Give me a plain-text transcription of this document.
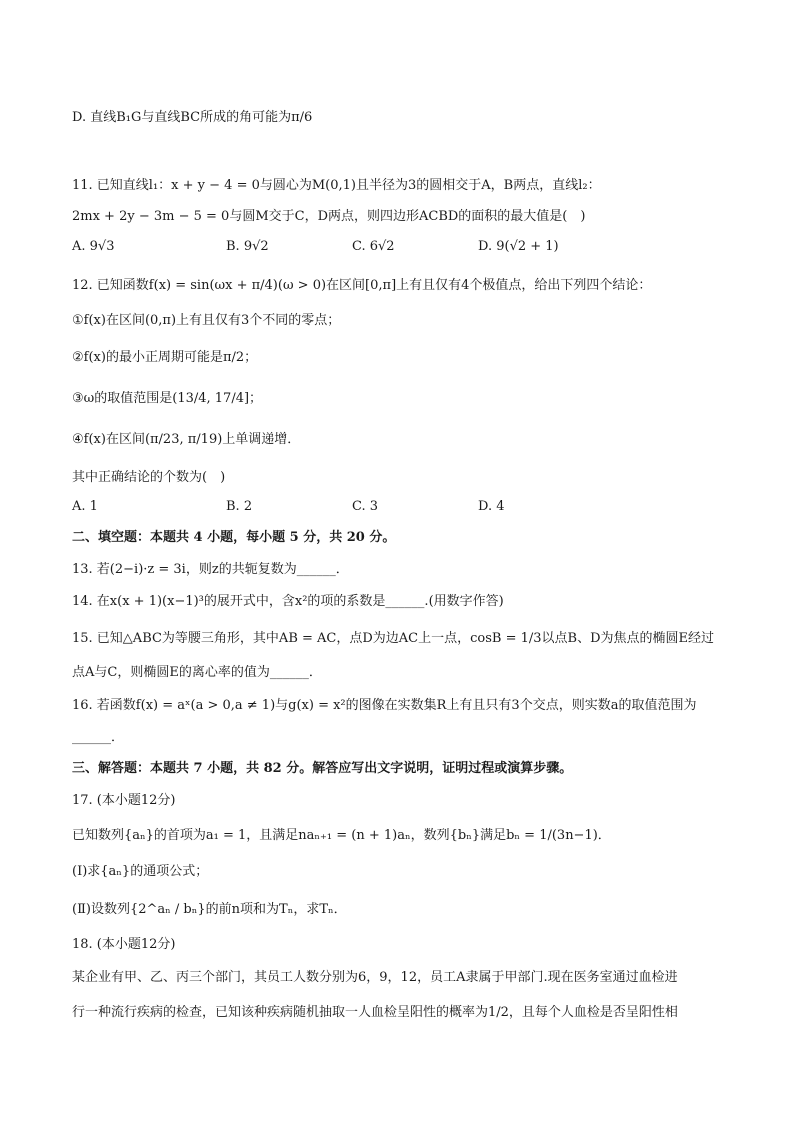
D. 直线B₁G与直线BC所成的角可能为π/6
11. 已知直线l₁：x + y − 4 = 0与圆心为M(0,1)且半径为3的圆相交于A，B两点，直线l₂：
2mx + 2y − 3m − 5 = 0与圆M交于C，D两点，则四边形ACBD的面积的最大值是(　)
A. 9√3	B. 9√2	C. 6√2	D. 9(√2 + 1)
12. 已知函数f(x) = sin(ωx + π/4)(ω > 0)在区间[0,π]上有且仅有4个极值点，给出下列四个结论：
①f(x)在区间(0,π)上有且仅有3个不同的零点；
②f(x)的最小正周期可能是π/2；
③ω的取值范围是(13/4, 17/4]；
④f(x)在区间(π/23, π/19)上单调递增．
其中正确结论的个数为(　)
A. 1	B. 2	C. 3	D. 4
二、填空题：本题共 4 小题，每小题 5 分，共 20 分。
13. 若(2−i)·z = 3i，则z的共轭复数为______．
14. 在x(x + 1)(x−1)³的展开式中，含x²的项的系数是______.(用数字作答)
15. 已知△ABC为等腰三角形，其中AB = AC，点D为边AC上一点，cosB = 1/3以点B、D为焦点的椭圆E经过
点A与C，则椭圆E的离心率的值为______．
16. 若函数f(x) = aˣ(a > 0,a ≠ 1)与g(x) = x²的图像在实数集R上有且只有3个交点，则实数a的取值范围为
______．
三、解答题：本题共 7 小题，共 82 分。解答应写出文字说明，证明过程或演算步骤。
17. (本小题12分)
已知数列{aₙ}的首项为a₁ = 1，且满足naₙ₊₁ = (n + 1)aₙ，数列{bₙ}满足bₙ = 1/(3n−1)．
(Ⅰ)求{aₙ}的通项公式；
(Ⅱ)设数列{2^aₙ / bₙ}的前n项和为Tₙ，求Tₙ．
18. (本小题12分)
某企业有甲、乙、丙三个部门，其员工人数分别为6，9，12，员工A隶属于甲部门.现在医务室通过血检进
行一种流行疾病的检查，已知该种疾病随机抽取一人血检呈阳性的概率为1/2，且每个人血检是否呈阳性相
